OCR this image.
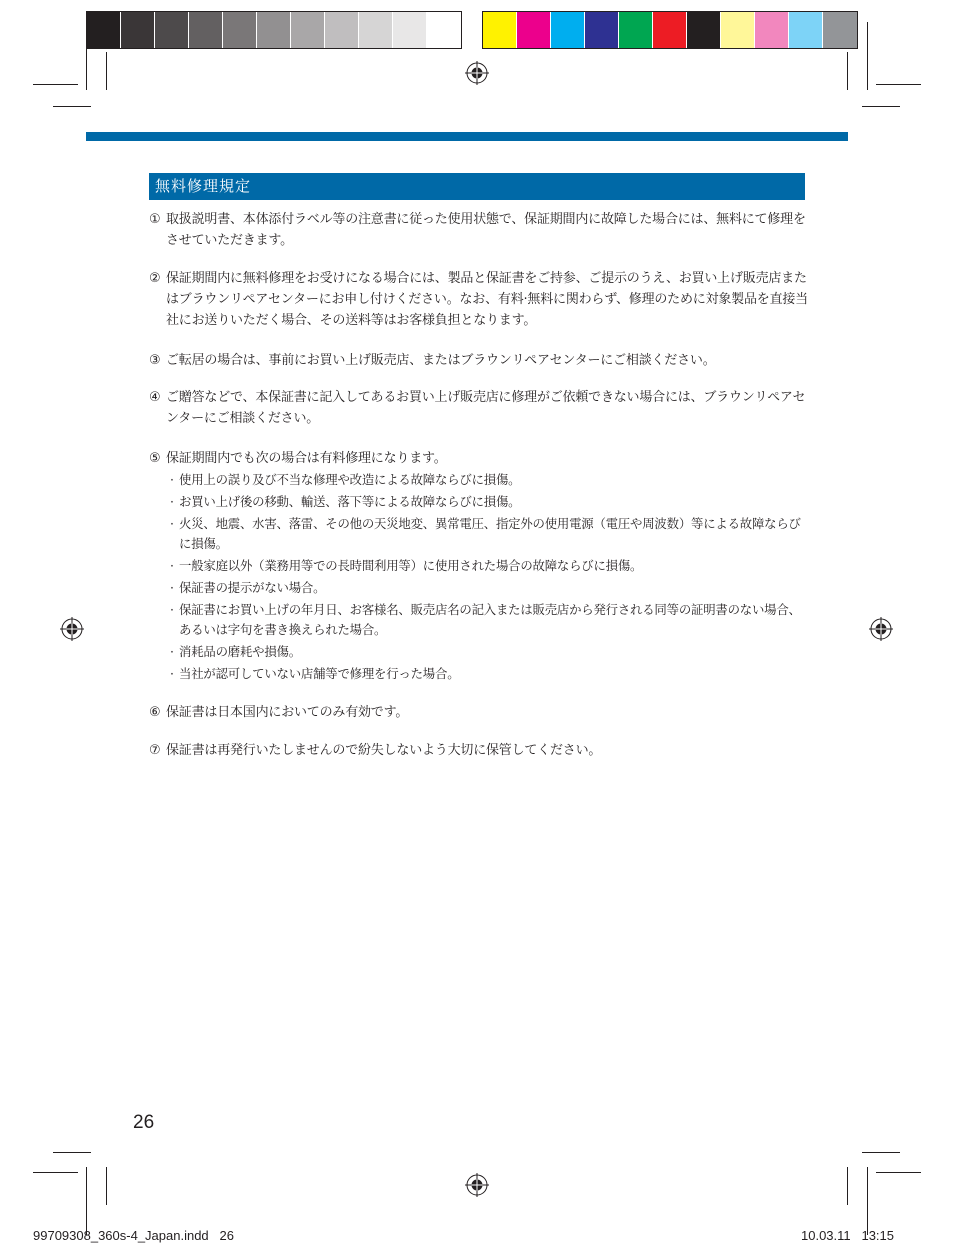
無料修理規定
① 取扱説明書、本体添付ラベル等の注意書に従った使用状態で、保証期間内に故障した場合には、無料にて修理をさせていただきます。
② 保証期間内に無料修理をお受けになる場合には、製品と保証書をご持参、ご提示のうえ、お買い上げ販売店またはブラウンリペアセンターにお申し付けください。なお、有料·無料に関わらず、修理のために対象製品を直接当社にお送りいただく場合、その送料等はお客様負担となります。
③ ご転居の場合は、事前にお買い上げ販売店、またはブラウンリペアセンターにご相談ください。
④ ご贈答などで、本保証書に記入してあるお買い上げ販売店に修理がご依頼できない場合には、ブラウンリペアセンターにご相談ください。
⑤ 保証期間内でも次の場合は有料修理になります。
· 使用上の誤り及び不当な修理や改造による故障ならびに損傷。
· お買い上げ後の移動、輸送、落下等による故障ならびに損傷。
· 火災、地震、水害、落雷、その他の天災地変、異常電圧、指定外の使用電源（電圧や周波数）等による故障ならびに損傷。
· 一般家庭以外（業務用等での長時間利用等）に使用された場合の故障ならびに損傷。
· 保証書の提示がない場合。
· 保証書にお買い上げの年月日、お客様名、販売店名の記入または販売店から発行される同等の証明書のない場合、あるいは字句を書き換えられた場合。
· 消耗品の磨耗や損傷。
· 当社が認可していない店舗等で修理を行った場合。
⑥ 保証書は日本国内においてのみ有効です。
⑦ 保証書は再発行いたしませんので紛失しないよう大切に保管してください。
26
99709308_360s-4_Japan.indd   26	10.03.11   13:15
